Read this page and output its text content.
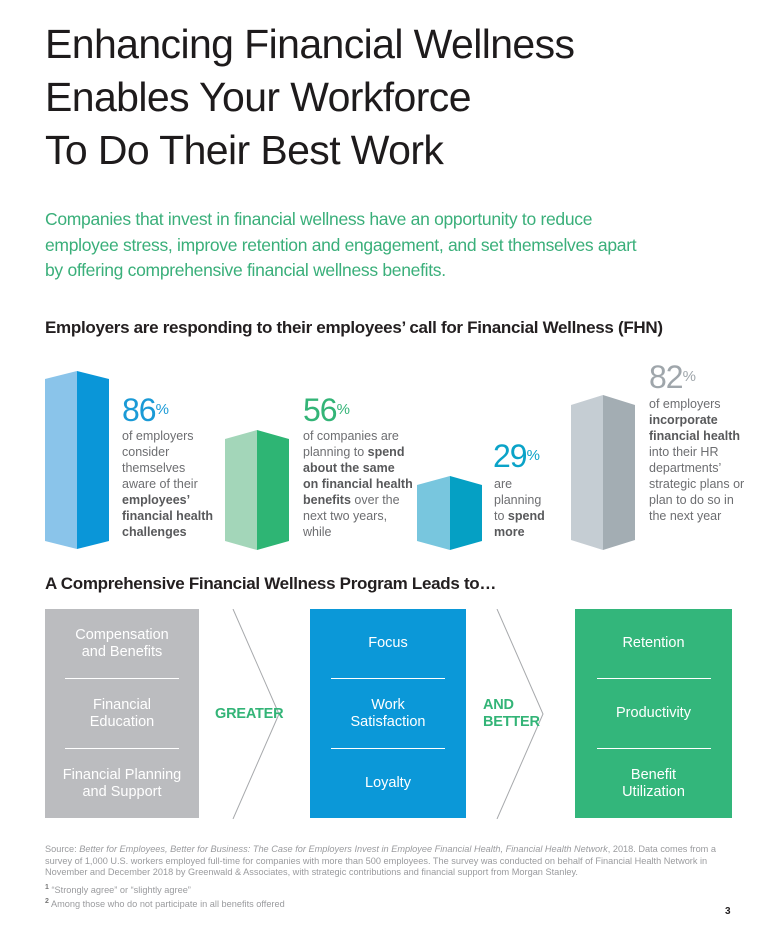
Enhancing Financial Wellness
Enables Your Workforce
To Do Their Best Work

Companies that invest in financial wellness have an opportunity to reduce employee stress, improve retention and engagement, and set themselves apart by offering comprehensive financial wellness benefits.

Employers are responding to their employees’ call for Financial Wellness (FHN)
86%
of employers consider themselves aware of their employees’ financial health challenges
56%
of companies are planning to spend about the same on financial health benefits over the next two years, while
29%
are planning to spend more
82%
of employers incorporate financial health into their HR departments’ strategic plans or plan to do so in the next year
A Comprehensive Financial Wellness Program Leads to…
Compensation and Benefits
Financial Education
Financial Planning and Support
GREATER
Focus
Work Satisfaction
Loyalty
AND BETTER
Retention
Productivity
Benefit Utilization
Source: Better for Employees, Better for Business: The Case for Employers Invest in Employee Financial Health, Financial Health Network, 2018. Data comes from a survey of 1,000 U.S. workers employed full-time for companies with more than 500 employees. The survey was conducted on behalf of Financial Health Network in November and December 2018 by Greenwald & Associates, with strategic contributions and financial support from Morgan Stanley.
$^1$ “Strongly agree” or “slightly agree”
$^2$ Among those who do not participate in all benefits offered
3
